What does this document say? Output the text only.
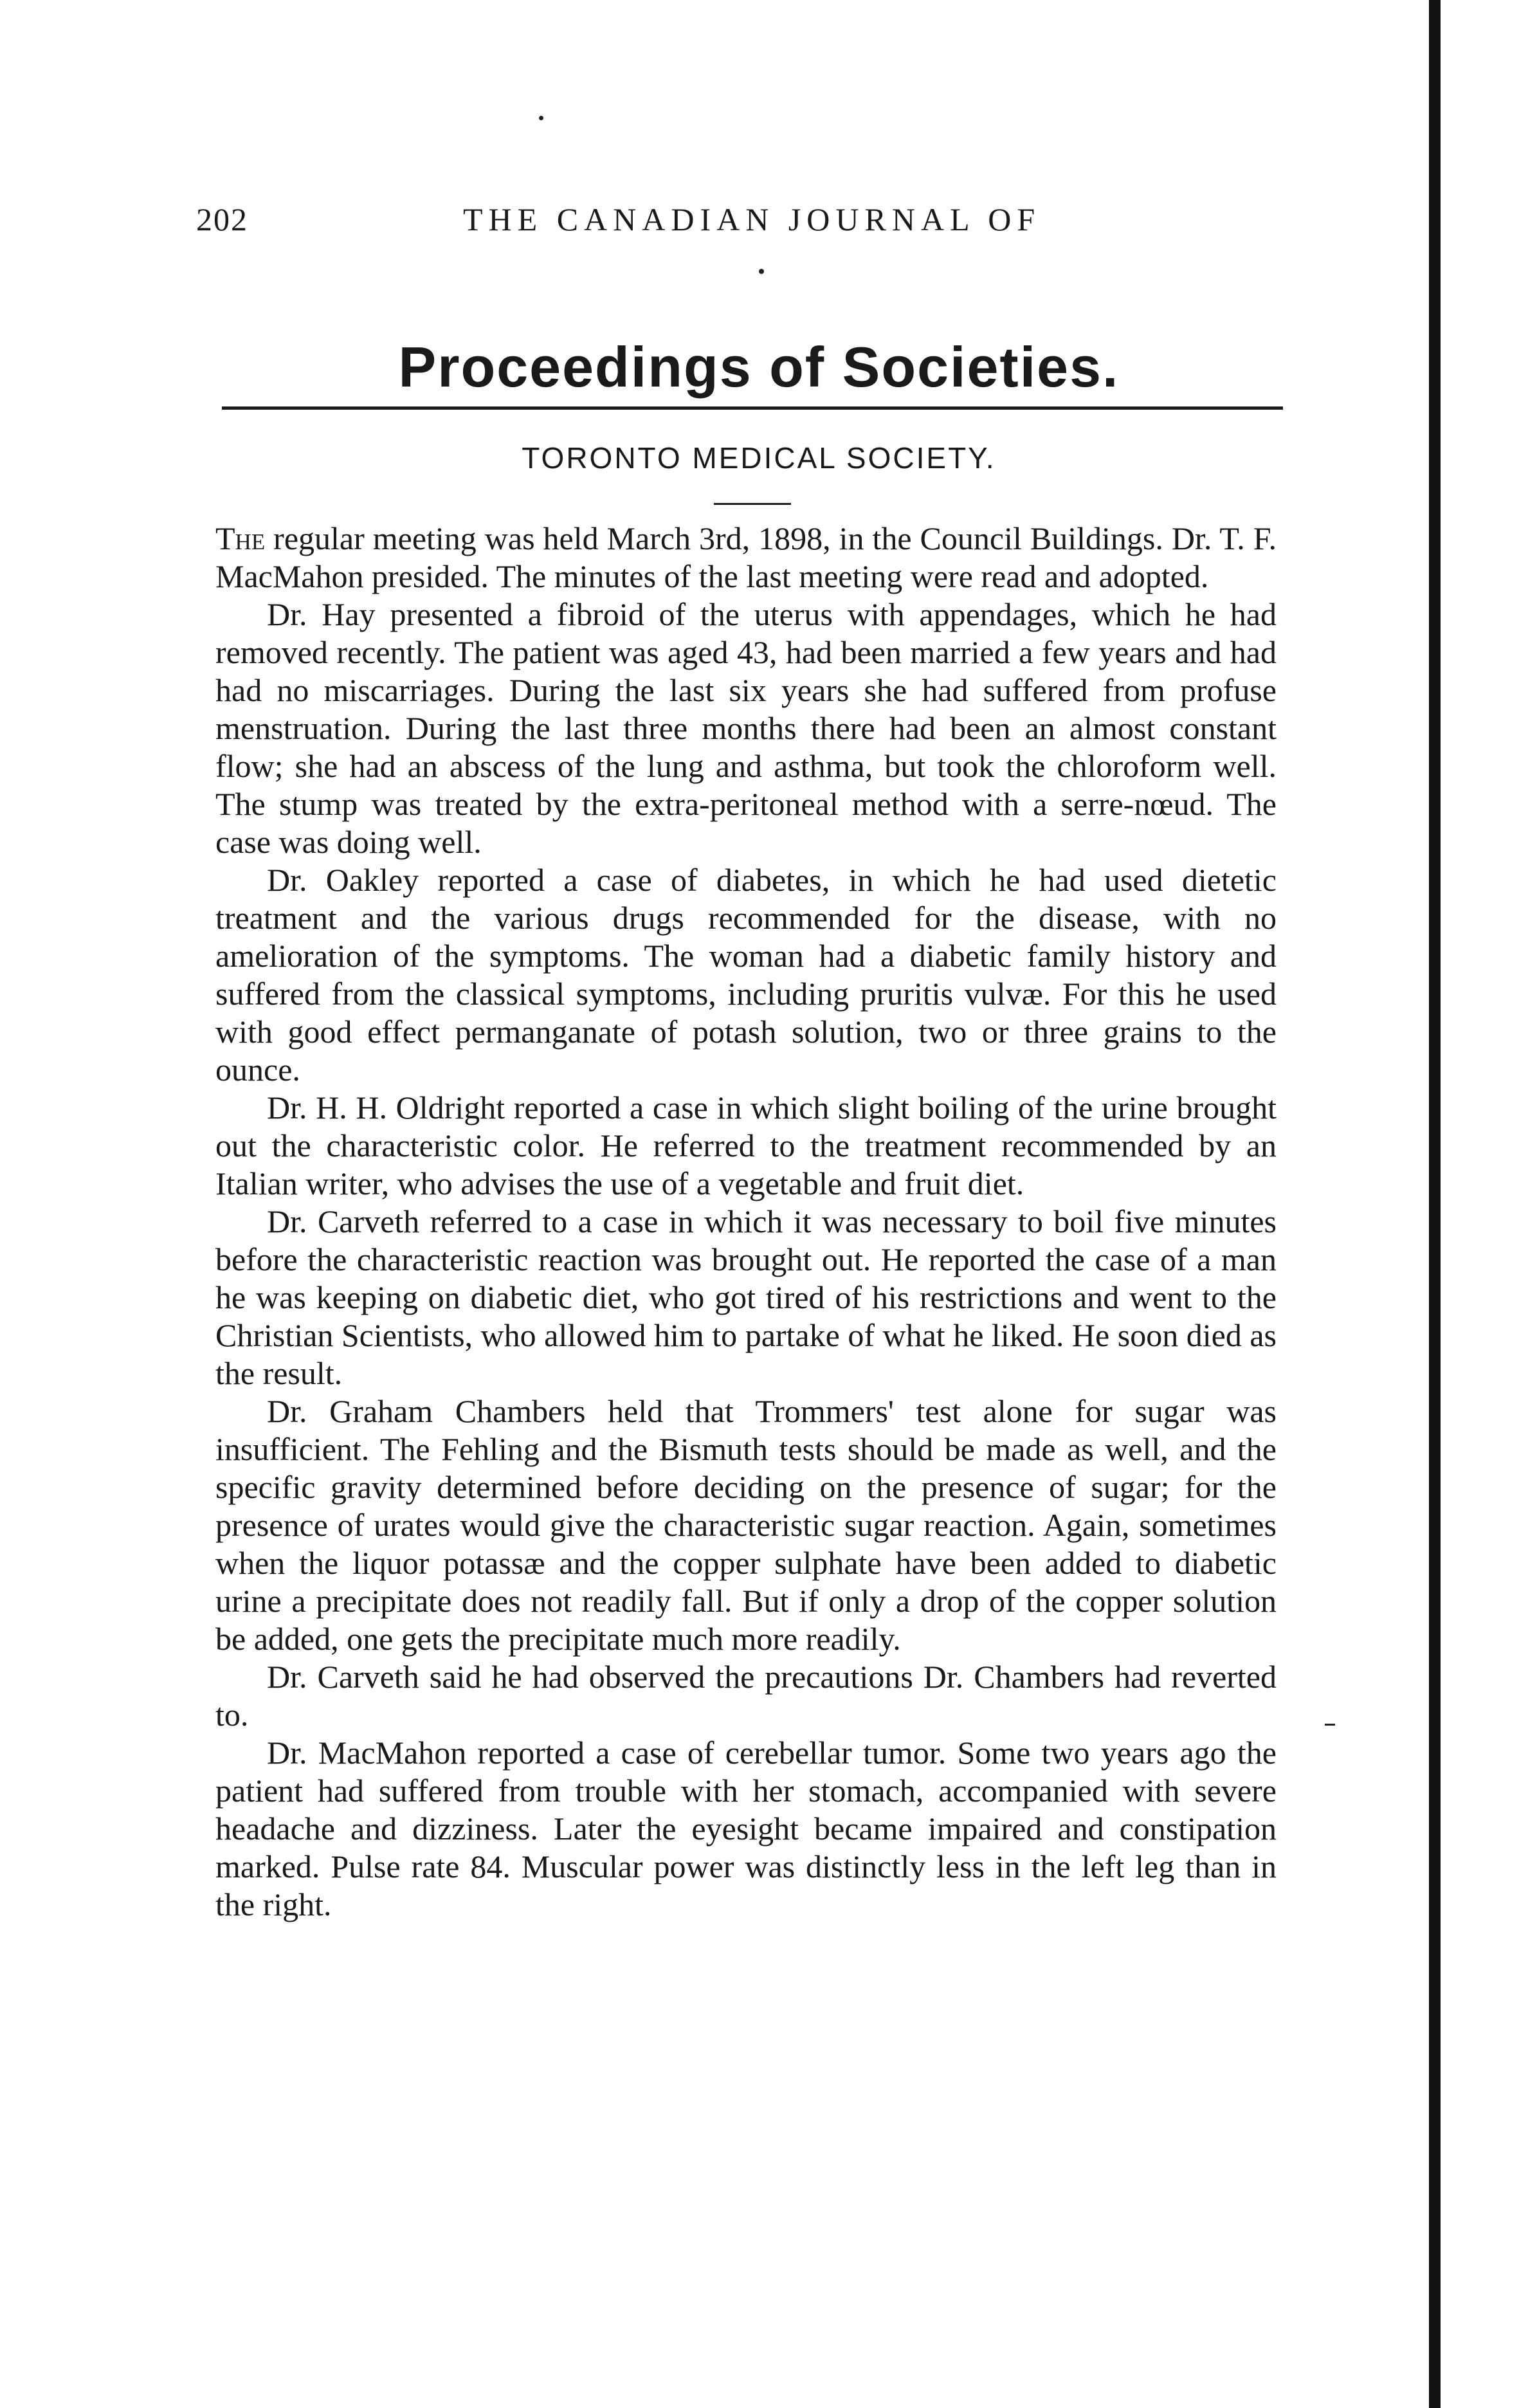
202	THE CANADIAN JOURNAL OF
Proceedings of Societies.
TORONTO MEDICAL SOCIETY.

The regular meeting was held March 3rd, 1898, in the Council Buildings. Dr. T. F. MacMahon presided. The minutes of the last meeting were read and adopted.

Dr. Hay presented a fibroid of the uterus with appendages, which he had removed recently. The patient was aged 43, had been married a few years and had had no miscarriages. During the last six years she had suffered from profuse menstruation. During the last three months there had been an almost constant flow; she had an abscess of the lung and asthma, but took the chloroform well. The stump was treated by the extra-peritoneal method with a serre-nœud. The case was doing well.

Dr. Oakley reported a case of diabetes, in which he had used dietetic treatment and the various drugs recommended for the disease, with no amelioration of the symptoms. The woman had a diabetic family history and suffered from the classical symptoms, including pruritis vulvæ. For this he used with good effect permanganate of potash solution, two or three grains to the ounce.

Dr. H. H. Oldright reported a case in which slight boiling of the urine brought out the characteristic color. He referred to the treatment recommended by an Italian writer, who advises the use of a vegetable and fruit diet.

Dr. Carveth referred to a case in which it was necessary to boil five minutes before the characteristic reaction was brought out. He reported the case of a man he was keeping on diabetic diet, who got tired of his restrictions and went to the Christian Scientists, who allowed him to partake of what he liked. He soon died as the result.

Dr. Graham Chambers held that Trommers' test alone for sugar was insufficient. The Fehling and the Bismuth tests should be made as well, and the specific gravity determined before deciding on the presence of sugar; for the presence of urates would give the characteristic sugar reaction. Again, sometimes when the liquor potassæ and the copper sulphate have been added to diabetic urine a precipitate does not readily fall. But if only a drop of the copper solution be added, one gets the precipitate much more readily.

Dr. Carveth said he had observed the precautions Dr. Chambers had reverted to.

Dr. MacMahon reported a case of cerebellar tumor. Some two years ago the patient had suffered from trouble with her stomach, accompanied with severe headache and dizziness. Later the eyesight became impaired and constipation marked. Pulse rate 84. Muscular power was distinctly less in the left leg than in the right.
